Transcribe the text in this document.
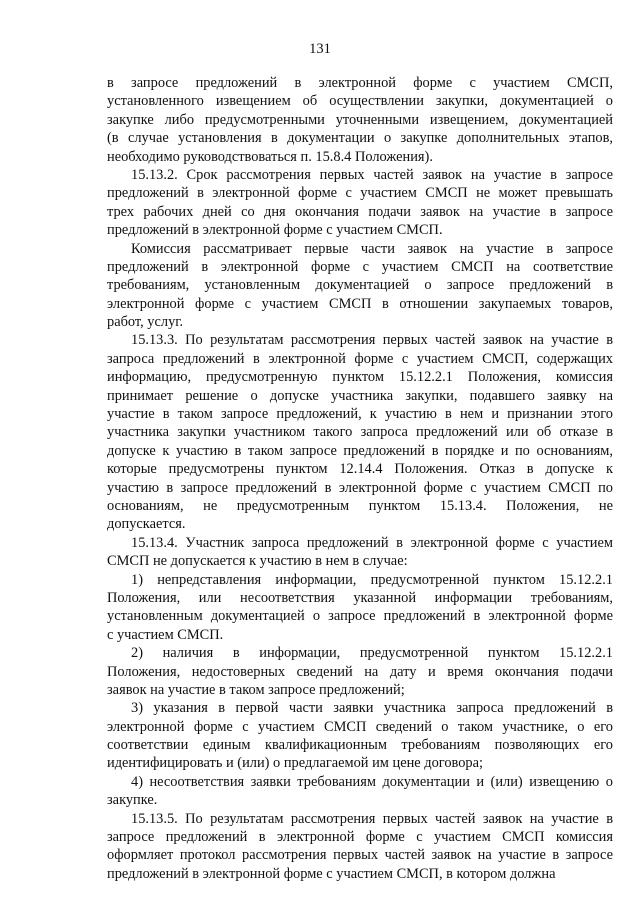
131
в запросе предложений в электронной форме с участием СМСП,
установленного извещением об осуществлении закупки, документацией о
закупке либо предусмотренными уточненными извещением, документацией
(в случае установления в документации о закупке дополнительных этапов,
необходимо руководствоваться п. 15.8.4 Положения).
15.13.2. Срок рассмотрения первых частей заявок на участие в запросе
предложений в электронной форме с участием СМСП не может превышать
трех рабочих дней со дня окончания подачи заявок на участие в запросе
предложений в электронной форме с участием СМСП.
Комиссия рассматривает первые части заявок на участие в запросе
предложений в электронной форме с участием СМСП на соответствие
требованиям, установленным документацией о запросе предложений в
электронной форме с участием СМСП в отношении закупаемых товаров,
работ, услуг.
15.13.3. По результатам рассмотрения первых частей заявок на участие в
запроса предложений в электронной форме с участием СМСП, содержащих
информацию, предусмотренную пунктом 15.12.2.1 Положения, комиссия
принимает решение о допуске участника закупки, подавшего заявку на
участие в таком запросе предложений, к участию в нем и признании этого
участника закупки участником такого запроса предложений или об отказе в
допуске к участию в таком запросе предложений в порядке и по основаниям,
которые предусмотрены пунктом 12.14.4 Положения. Отказ в допуске к
участию в запросе предложений в электронной форме с участием СМСП по
основаниям, не предусмотренным пунктом 15.13.4. Положения, не
допускается.
15.13.4. Участник запроса предложений в электронной форме с участием
СМСП не допускается к участию в нем в случае:
1) непредставления информации, предусмотренной пунктом 15.12.2.1
Положения, или несоответствия указанной информации требованиям,
установленным документацией о запросе предложений в электронной форме
с участием СМСП.
2) наличия в информации, предусмотренной пунктом 15.12.2.1
Положения, недостоверных сведений на дату и время окончания подачи
заявок на участие в таком запросе предложений;
3) указания в первой части заявки участника запроса предложений в
электронной форме с участием СМСП сведений о таком участнике, о его
соответствии единым квалификационным требованиям позволяющих его
идентифицировать и (или) о предлагаемой им цене договора;
4) несоответствия заявки требованиям документации и (или) извещению о
закупке.
15.13.5. По результатам рассмотрения первых частей заявок на участие в
запросе предложений в электронной форме с участием СМСП комиссия
оформляет протокол рассмотрения первых частей заявок на участие в запросе
предложений в электронной форме с участием СМСП, в котором должна
